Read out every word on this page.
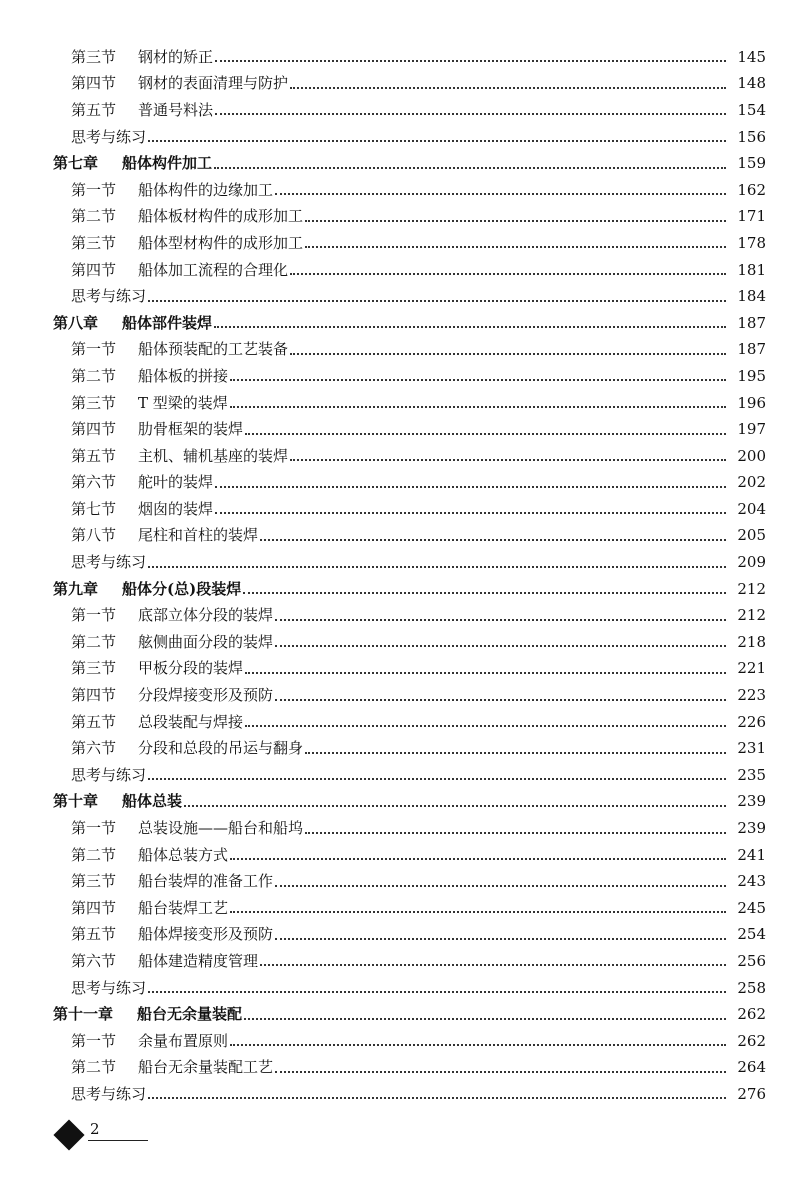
第三节 钢材的矫正	145
第四节 钢材的表面清理与防护	148
第五节 普通号料法	154
思考与练习	156
第七章 船体构件加工	159
第一节 船体构件的边缘加工	162
第二节 船体板材构件的成形加工	171
第三节 船体型材构件的成形加工	178
第四节 船体加工流程的合理化	181
思考与练习	184
第八章 船体部件装焊	187
第一节 船体预装配的工艺装备	187
第二节 船体板的拼接	195
第三节 T 型梁的装焊	196
第四节 肋骨框架的装焊	197
第五节 主机、辅机基座的装焊	200
第六节 舵叶的装焊	202
第七节 烟囱的装焊	204
第八节 尾柱和首柱的装焊	205
思考与练习	209
第九章 船体分(总)段装焊	212
第一节 底部立体分段的装焊	212
第二节 舷侧曲面分段的装焊	218
第三节 甲板分段的装焊	221
第四节 分段焊接变形及预防	223
第五节 总段装配与焊接	226
第六节 分段和总段的吊运与翻身	231
思考与练习	235
第十章 船体总装	239
第一节 总装设施——船台和船坞	239
第二节 船体总装方式	241
第三节 船台装焊的准备工作	243
第四节 船台装焊工艺	245
第五节 船体焊接变形及预防	254
第六节 船体建造精度管理	256
思考与练习	258
第十一章 船台无余量装配	262
第一节 余量布置原则	262
第二节 船台无余量装配工艺	264
思考与练习	276
2
